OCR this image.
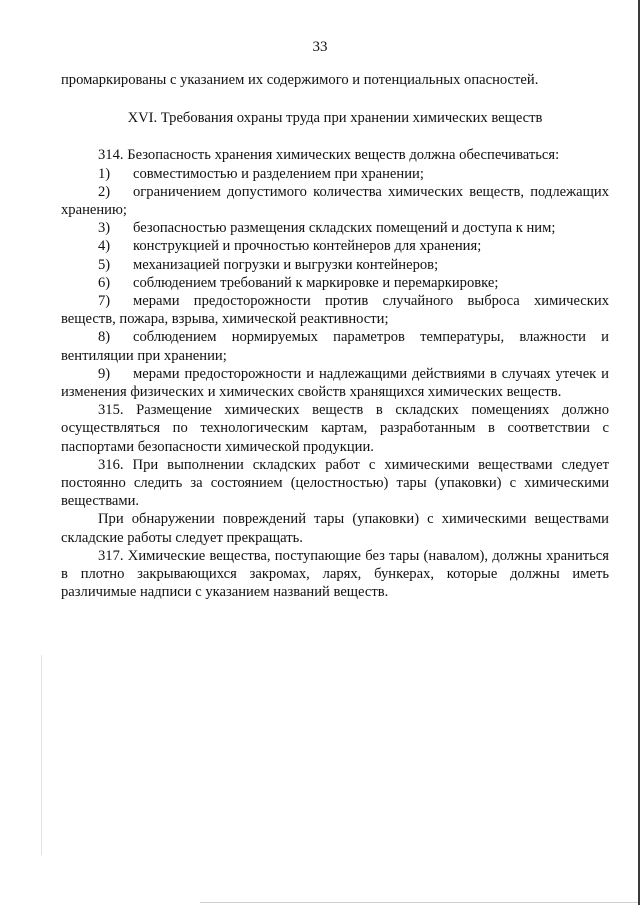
33

промаркированы с указанием их содержимого и потенциальных опасностей.

XVI. Требования охраны труда при хранении химических веществ

314. Безопасность хранения химических веществ должна обеспечиваться:

1) совместимостью и разделением при хранении;

2) ограничением допустимого количества химических веществ, подлежащих хранению;

3) безопасностью размещения складских помещений и доступа к ним;

4) конструкцией и прочностью контейнеров для хранения;

5) механизацией погрузки и выгрузки контейнеров;

6) соблюдением требований к маркировке и перемаркировке;

7) мерами предосторожности против случайного выброса химических веществ, пожара, взрыва, химической реактивности;

8) соблюдением нормируемых параметров температуры, влажности и вентиляции при хранении;

9) мерами предосторожности и надлежащими действиями в случаях утечек и изменения физических и химических свойств хранящихся химических веществ.

315. Размещение химических веществ в складских помещениях должно осуществляться по технологическим картам, разработанным в соответствии с паспортами безопасности химической продукции.

316. При выполнении складских работ с химическими веществами следует постоянно следить за состоянием (целостностью) тары (упаковки) с химическими веществами.

При обнаружении повреждений тары (упаковки) с химическими веществами складские работы следует прекращать.

317. Химические вещества, поступающие без тары (навалом), должны храниться в плотно закрывающихся закромах, ларях, бункерах, которые должны иметь различимые надписи с указанием названий веществ.
